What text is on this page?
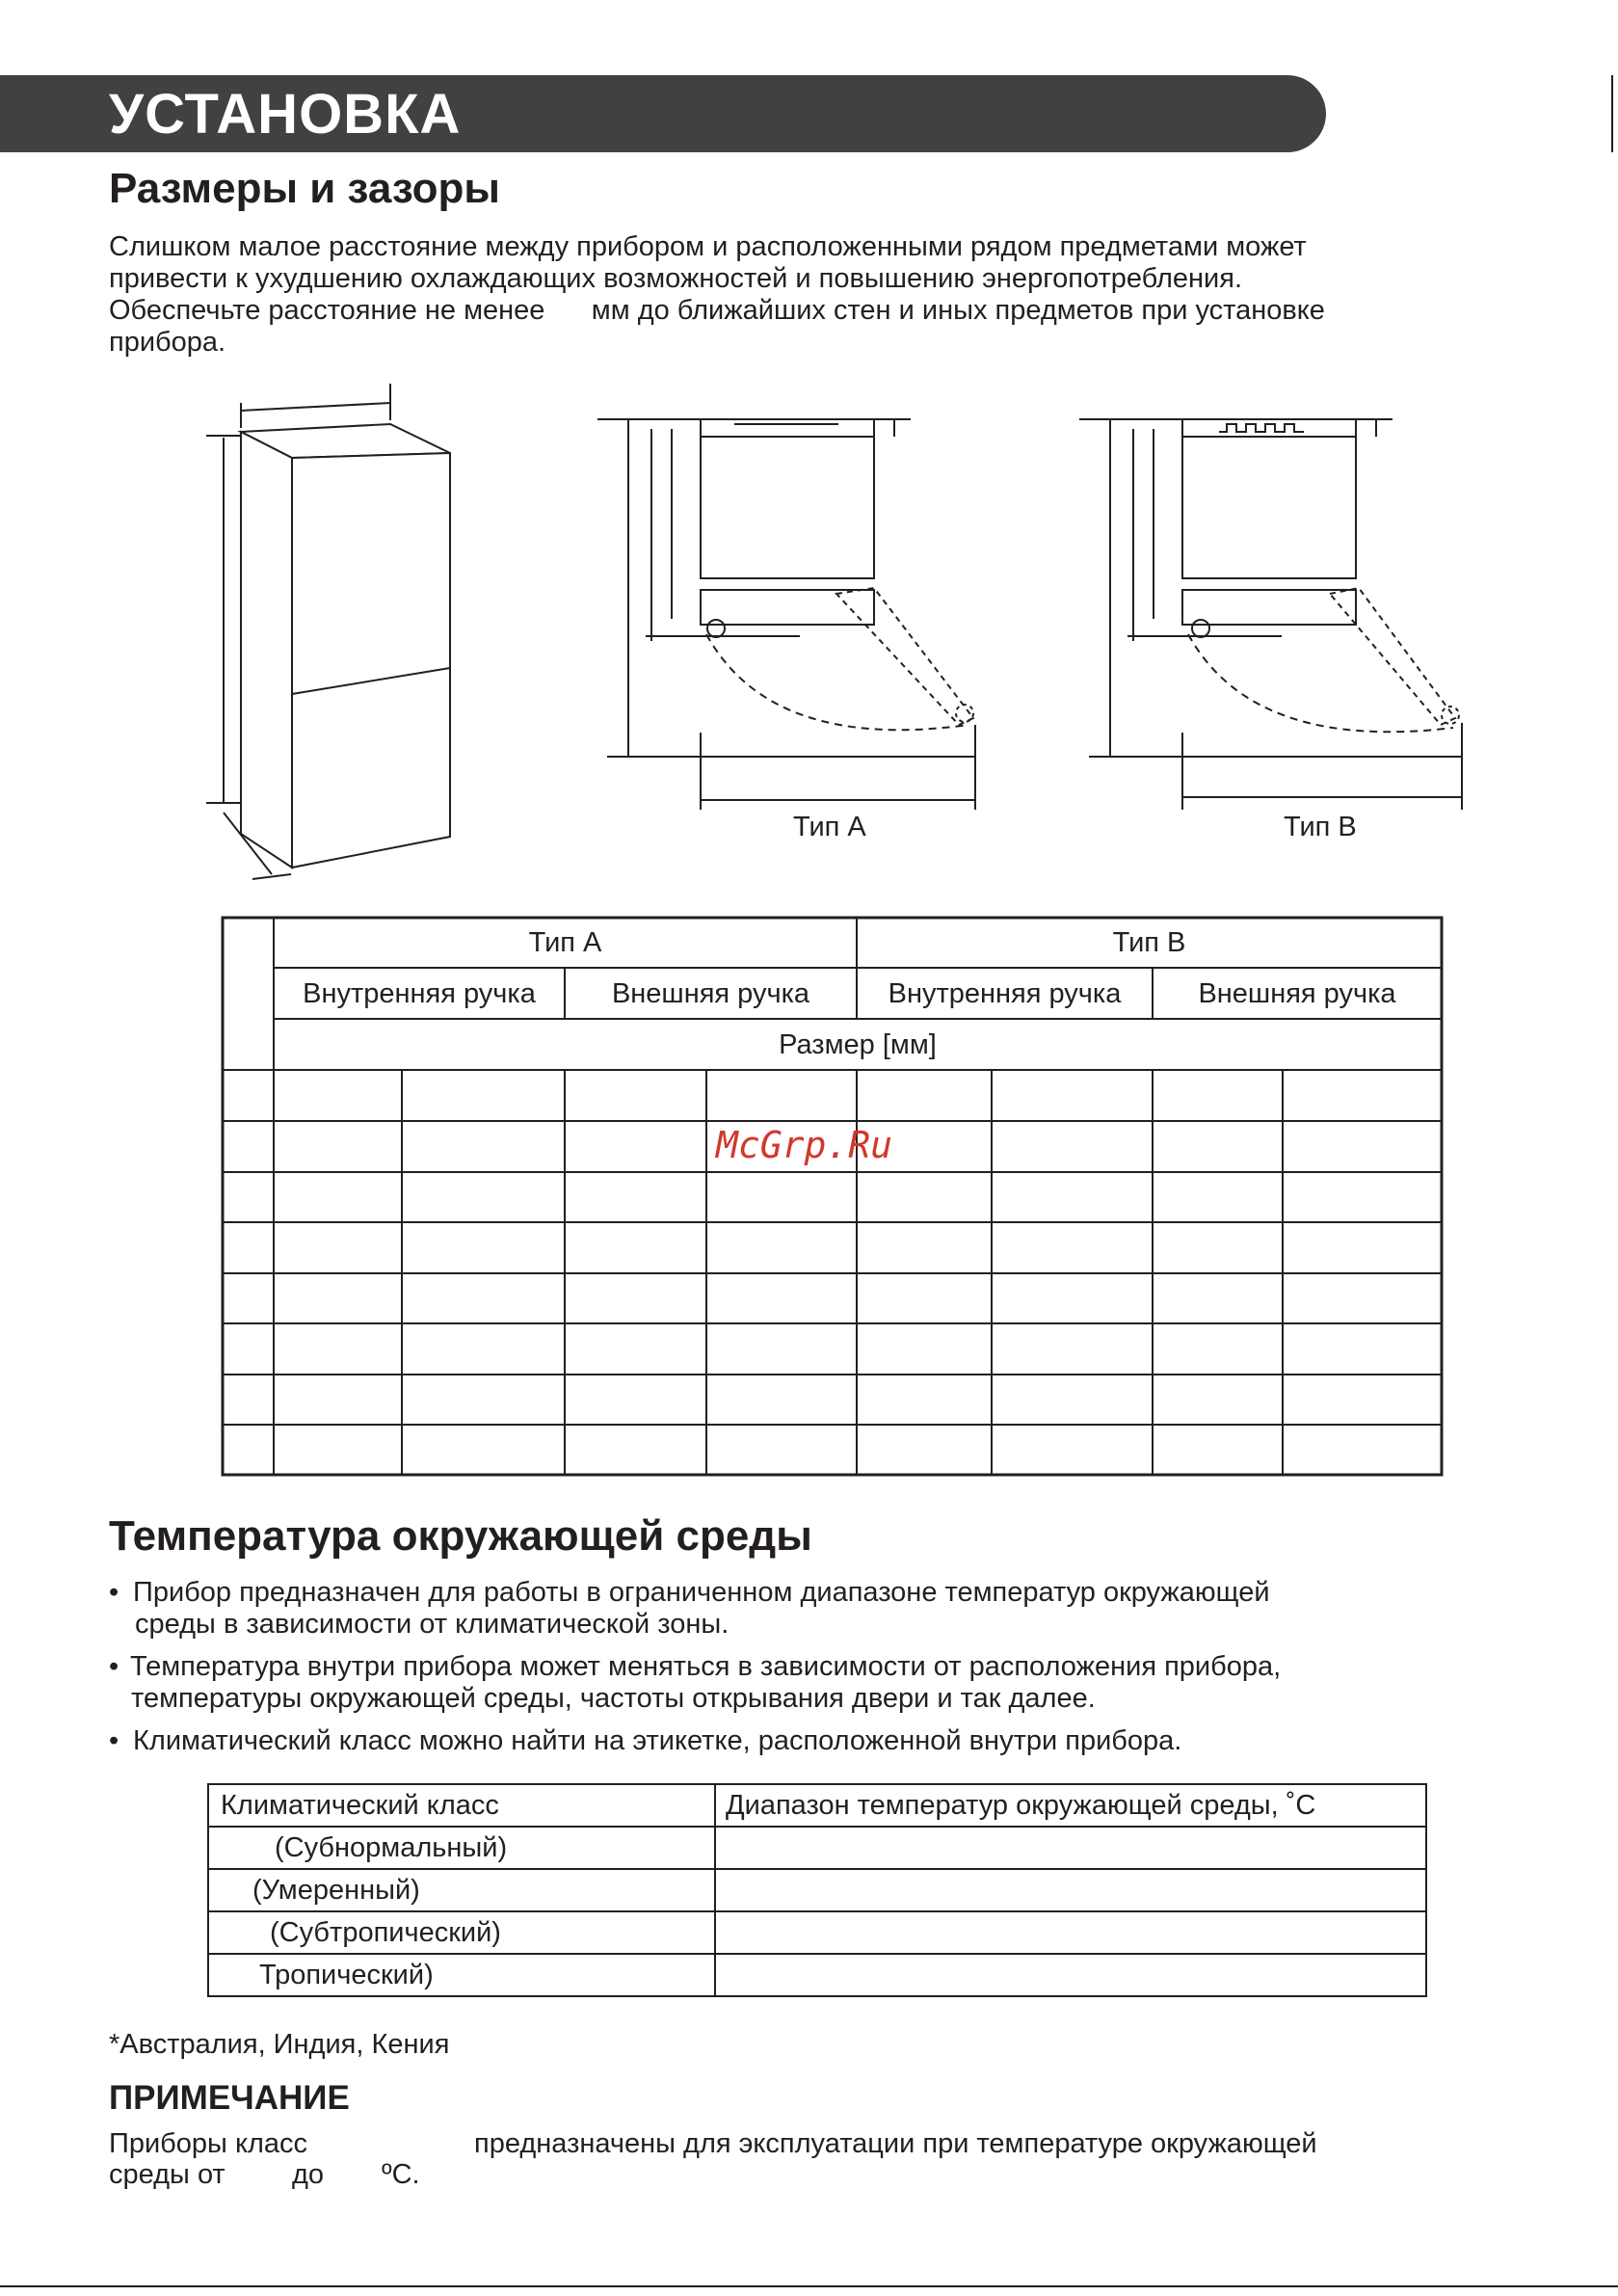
УСТАНОВКА
Размеры и зазоры
Слишком малое расстояние между прибором и расположенными рядом предметами может
привести к ухудшению охлаждающих возможностей и повышению энергопотребления.
Обеспечьте расстояние не менее      мм до ближайших стен и иных предметов при установке
прибора.
Тип A	Тип B
Тип A	Тип B
Внутренняя ручка	Внешняя ручка	Внутренняя ручка	Внешняя ручка
Размер [мм]
McGrp.Ru
Температура окружающей среды
• Прибор предназначен для работы в ограниченном диапазоне температур окружающей
среды в зависимости от климатической зоны.
• Температура внутри прибора может меняться в зависимости от расположения прибора,
температуры окружающей среды, частоты открывания двери и так далее.
• Климатический класс можно найти на этикетке, расположенной внутри прибора.
Климатический класс	Диапазон температур окружающей среды, ˚C
(Субнормальный)	
(Умеренный)	
(Субтропический)	
Тропический)	
*Австралия, Индия, Кения
ПРИМЕЧАНИЕ
Приборы класс	предназначены для эксплуатации при температуре окружающей
среды от до ºC.
